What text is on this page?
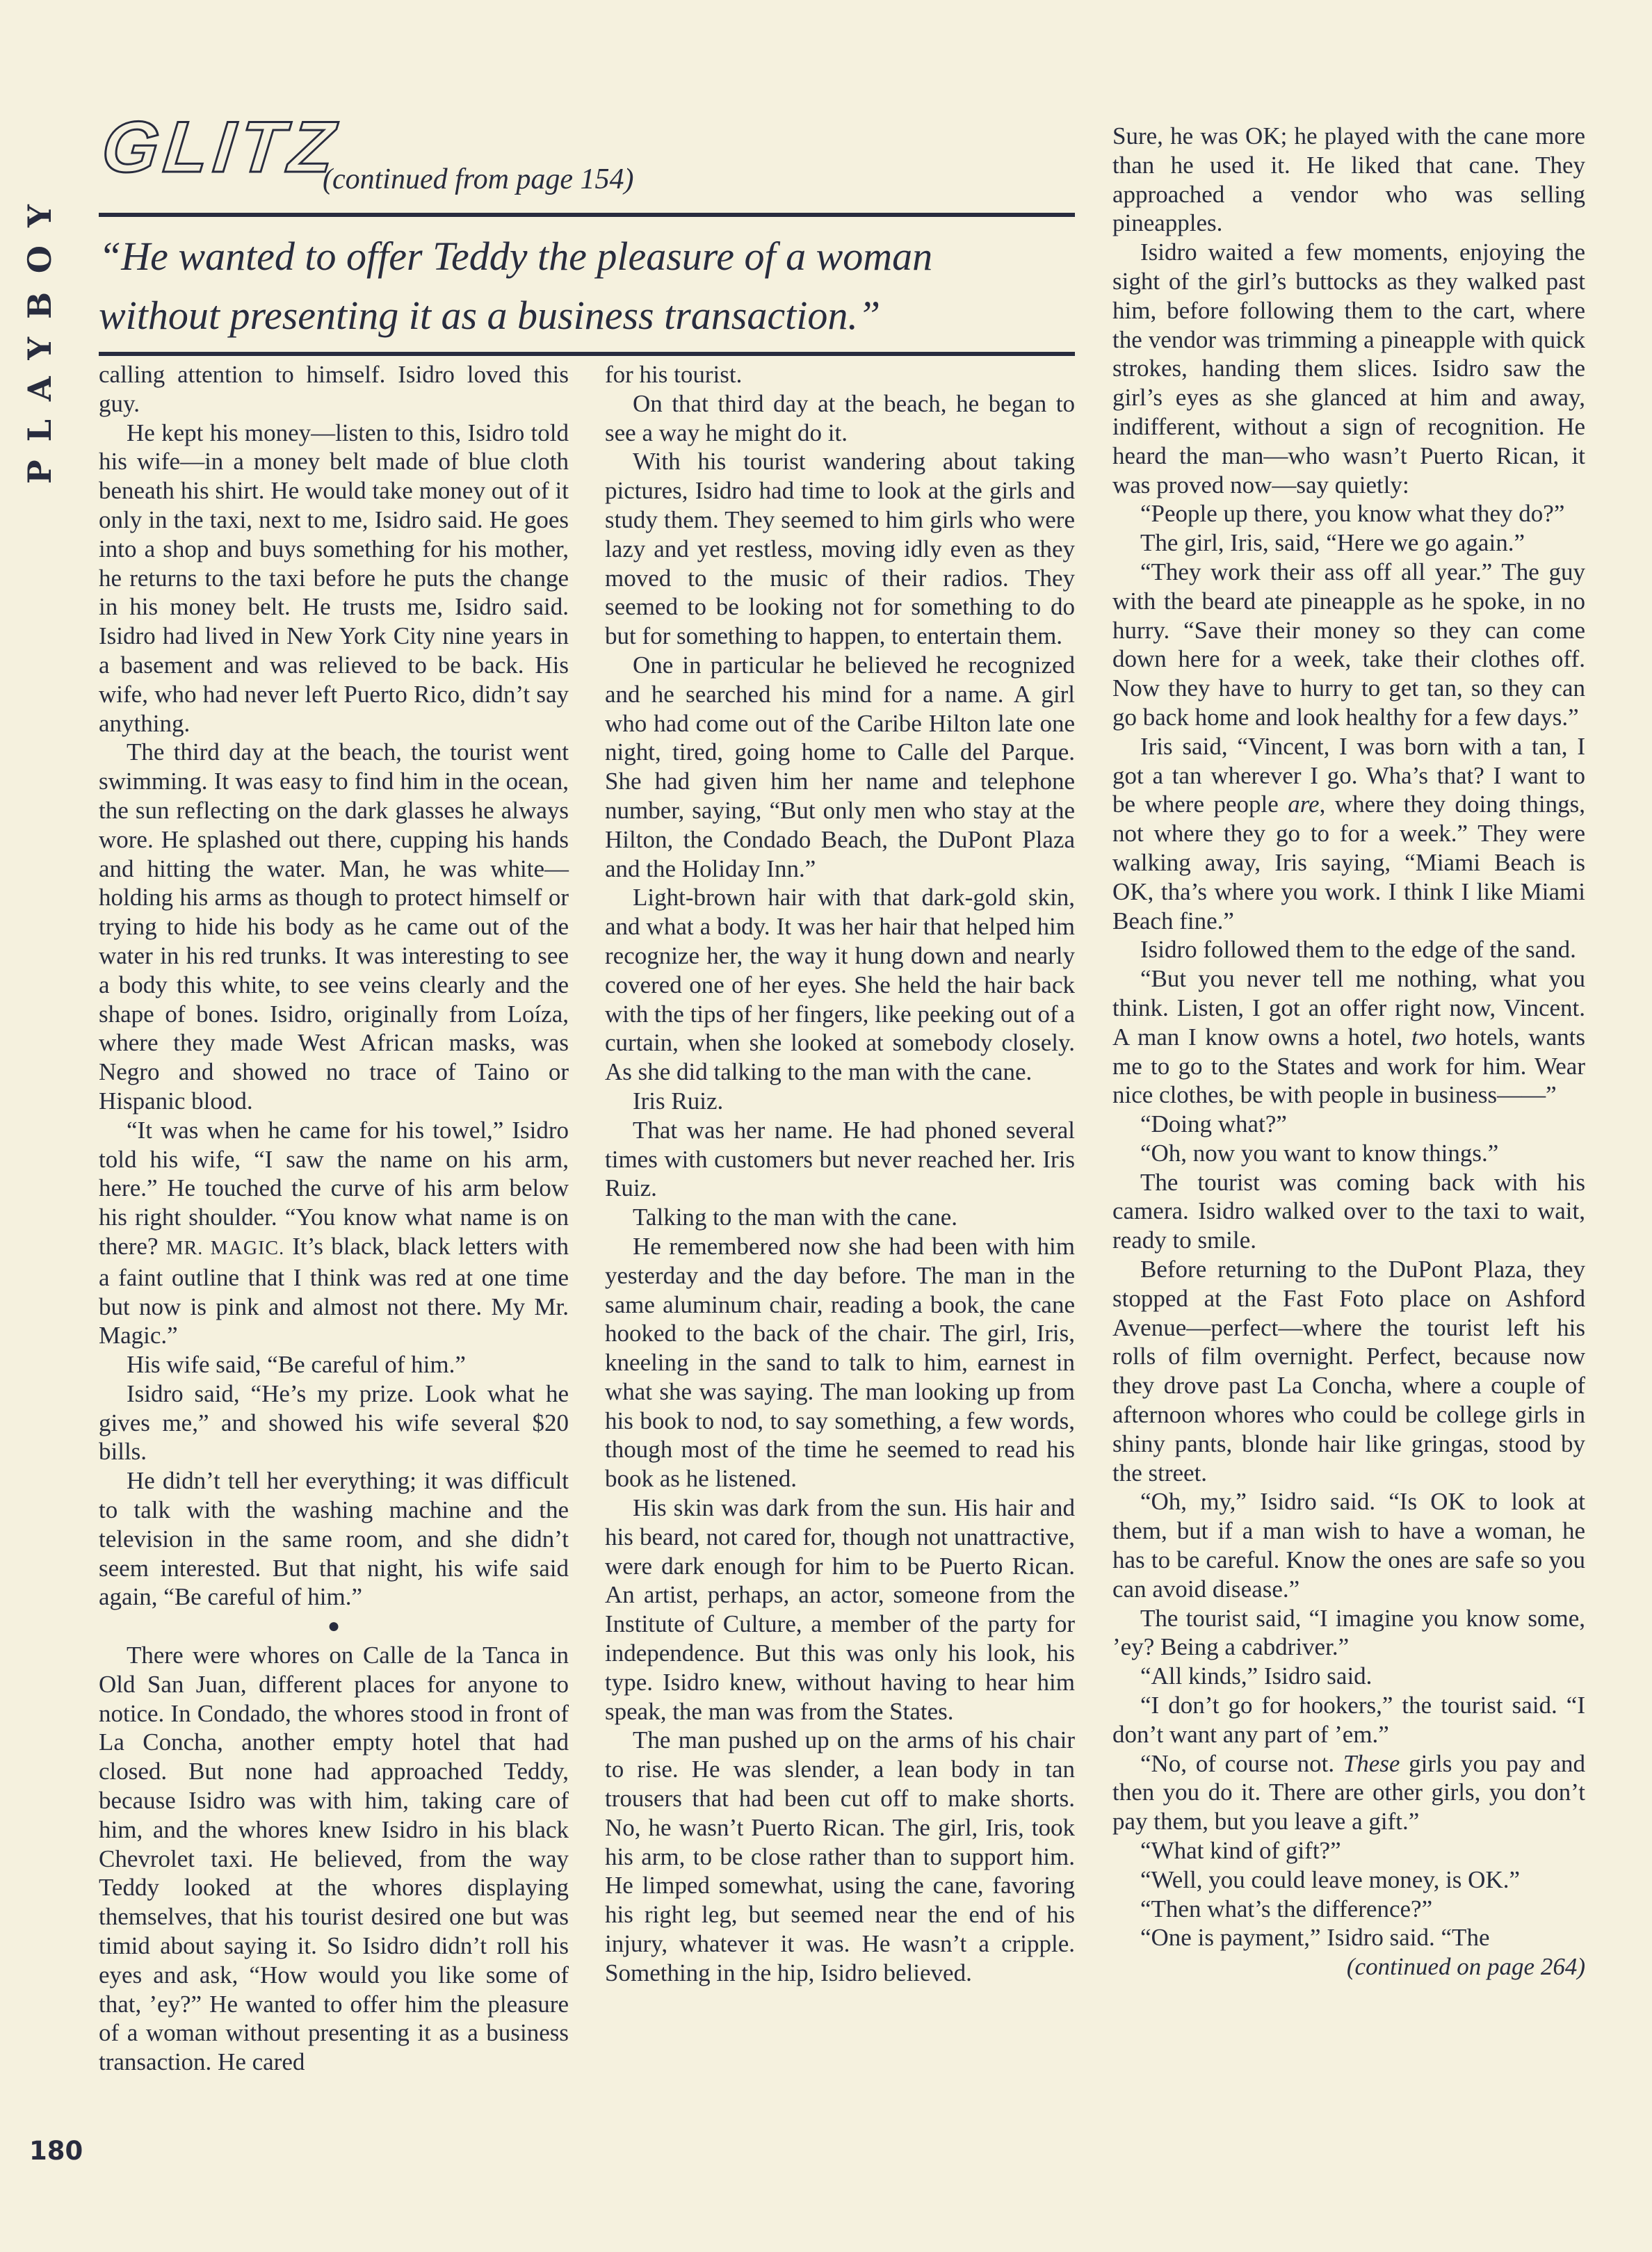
PLAYBOY
GLITZ
(continued from page 154)

“He wanted to offer Teddy the pleasure of a woman
without presenting it as a business transaction.”

calling attention to himself. Isidro loved this guy.

He kept his money—listen to this, Isidro told his wife—in a money belt made of blue cloth beneath his shirt. He would take money out of it only in the taxi, next to me, Isidro said. He goes into a shop and buys something for his mother, he returns to the taxi before he puts the change in his money belt. He trusts me, Isidro said. Isidro had lived in New York City nine years in a basement and was relieved to be back. His wife, who had never left Puerto Rico, didn’t say anything.

The third day at the beach, the tourist went swimming. It was easy to find him in the ocean, the sun reflecting on the dark glasses he always wore. He splashed out there, cupping his hands and hitting the water. Man, he was white—holding his arms as though to protect himself or trying to hide his body as he came out of the water in his red trunks. It was interesting to see a body this white, to see veins clearly and the shape of bones. Isidro, originally from Loíza, where they made West African masks, was Negro and showed no trace of Taino or Hispanic blood.

“It was when he came for his towel,” Isidro told his wife, “I saw the name on his arm, here.” He touched the curve of his arm below his right shoulder. “You know what name is on there? MR. MAGIC. It’s black, black letters with a faint outline that I think was red at one time but now is pink and almost not there. My Mr. Magic.”

His wife said, “Be careful of him.”

Isidro said, “He’s my prize. Look what he gives me,” and showed his wife several $20 bills.

He didn’t tell her everything; it was difficult to talk with the washing machine and the television in the same room, and she didn’t seem interested. But that night, his wife said again, “Be careful of him.”

●

There were whores on Calle de la Tanca in Old San Juan, different places for anyone to notice. In Condado, the whores stood in front of La Concha, another empty hotel that had closed. But none had approached Teddy, because Isidro was with him, taking care of him, and the whores knew Isidro in his black Chevrolet taxi. He believed, from the way Teddy looked at the whores displaying themselves, that his tourist desired one but was timid about saying it. So Isidro didn’t roll his eyes and ask, “How would you like some of that, ’ey?” He wanted to offer him the pleasure of a woman without presenting it as a business transaction. He cared

for his tourist.

On that third day at the beach, he began to see a way he might do it.

With his tourist wandering about taking pictures, Isidro had time to look at the girls and study them. They seemed to him girls who were lazy and yet restless, moving idly even as they moved to the music of their radios. They seemed to be looking not for something to do but for something to happen, to entertain them.

One in particular he believed he recognized and he searched his mind for a name. A girl who had come out of the Caribe Hilton late one night, tired, going home to Calle del Parque. She had given him her name and telephone number, saying, “But only men who stay at the Hilton, the Condado Beach, the DuPont Plaza and the Holiday Inn.”

Light-brown hair with that dark-gold skin, and what a body. It was her hair that helped him recognize her, the way it hung down and nearly covered one of her eyes. She held the hair back with the tips of her fingers, like peeking out of a curtain, when she looked at somebody closely. As she did talking to the man with the cane.

Iris Ruiz.

That was her name. He had phoned several times with customers but never reached her. Iris Ruiz.

Talking to the man with the cane.

He remembered now she had been with him yesterday and the day before. The man in the same aluminum chair, reading a book, the cane hooked to the back of the chair. The girl, Iris, kneeling in the sand to talk to him, earnest in what she was saying. The man looking up from his book to nod, to say something, a few words, though most of the time he seemed to read his book as he listened.

His skin was dark from the sun. His hair and his beard, not cared for, though not unattractive, were dark enough for him to be Puerto Rican. An artist, perhaps, an actor, someone from the Institute of Culture, a member of the party for independence. But this was only his look, his type. Isidro knew, without having to hear him speak, the man was from the States.

The man pushed up on the arms of his chair to rise. He was slender, a lean body in tan trousers that had been cut off to make shorts. No, he wasn’t Puerto Rican. The girl, Iris, took his arm, to be close rather than to support him. He limped somewhat, using the cane, favoring his right leg, but seemed near the end of his injury, whatever it was. He wasn’t a cripple. Something in the hip, Isidro believed.

Sure, he was OK; he played with the cane more than he used it. He liked that cane. They approached a vendor who was selling pineapples.

Isidro waited a few moments, enjoying the sight of the girl’s buttocks as they walked past him, before following them to the cart, where the vendor was trimming a pineapple with quick strokes, handing them slices. Isidro saw the girl’s eyes as she glanced at him and away, indifferent, without a sign of recognition. He heard the man—who wasn’t Puerto Rican, it was proved now—say quietly:

“People up there, you know what they do?”

The girl, Iris, said, “Here we go again.”

“They work their ass off all year.” The guy with the beard ate pineapple as he spoke, in no hurry. “Save their money so they can come down here for a week, take their clothes off. Now they have to hurry to get tan, so they can go back home and look healthy for a few days.”

Iris said, “Vincent, I was born with a tan, I got a tan wherever I go. Wha’s that? I want to be where people are, where they doing things, not where they go to for a week.” They were walking away, Iris saying, “Miami Beach is OK, tha’s where you work. I think I like Miami Beach fine.”

Isidro followed them to the edge of the sand.

“But you never tell me nothing, what you think. Listen, I got an offer right now, Vincent. A man I know owns a hotel, two hotels, wants me to go to the States and work for him. Wear nice clothes, be with people in business——”

“Doing what?”

“Oh, now you want to know things.”

The tourist was coming back with his camera. Isidro walked over to the taxi to wait, ready to smile.

Before returning to the DuPont Plaza, they stopped at the Fast Foto place on Ashford Avenue—perfect—where the tourist left his rolls of film overnight. Perfect, because now they drove past La Concha, where a couple of afternoon whores who could be college girls in shiny pants, blonde hair like gringas, stood by the street.

“Oh, my,” Isidro said. “Is OK to look at them, but if a man wish to have a woman, he has to be careful. Know the ones are safe so you can avoid disease.”

The tourist said, “I imagine you know some, ’ey? Being a cabdriver.”

“All kinds,” Isidro said.

“I don’t go for hookers,” the tourist said. “I don’t want any part of ’em.”

“No, of course not. These girls you pay and then you do it. There are other girls, you don’t pay them, but you leave a gift.”

“What kind of gift?”

“Well, you could leave money, is OK.”

“Then what’s the difference?”

“One is payment,” Isidro said. “The

(continued on page 264)

180
